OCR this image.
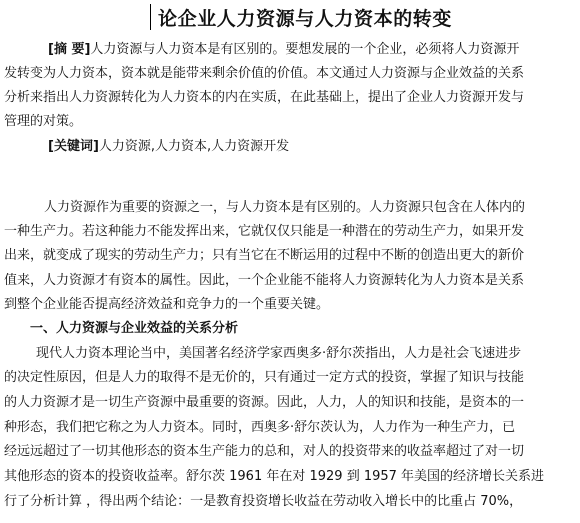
论企业人力资源与人力资本的转变
[摘 要]人力资源与人力资本是有区别的。要想发展的一个企业，必须将人力资源开
发转变为人力资本，资本就是能带来剩余价值的价值。本文通过人力资源与企业效益的关系
分析来指出人力资源转化为人力资本的内在实质，在此基础上，提出了企业人力资源开发与
管理的对策。
[关键词]人力资源,人力资本,人力资源开发
人力资源作为重要的资源之一，与人力资本是有区别的。人力资源只包含在人体内的
一种生产力。若这种能力不能发挥出来，它就仅仅只能是一种潜在的劳动生产力，如果开发
出来，就变成了现实的劳动生产力；只有当它在不断运用的过程中不断的创造出更大的新价
值来，人力资源才有资本的属性。因此，一个企业能不能将人力资源转化为人力资本是关系
到整个企业能否提高经济效益和竞争力的一个重要关键。
一、人力资源与企业效益的关系分析
现代人力资本理论当中，美国著名经济学家西奥多·舒尔茨指出，人力是社会飞速进步
的决定性原因，但是人力的取得不是无价的，只有通过一定方式的投资，掌握了知识与技能
的人力资源才是一切生产资源中最重要的资源。因此，人力，人的知识和技能，是资本的一
种形态，我们把它称之为人力资本。同时，西奥多·舒尔茨认为，人力作为一种生产力，已
经远远超过了一切其他形态的资本生产能力的总和，对人的投资带来的收益率超过了对一切
其他形态的资本的投资收益率。舒尔茨 1961 年在对 1929 到 1957 年美国的经济增长关系进
行了分析计算 ，得出两个结论：一是教育投资增长收益在劳动收入增长中的比重占 70%，
